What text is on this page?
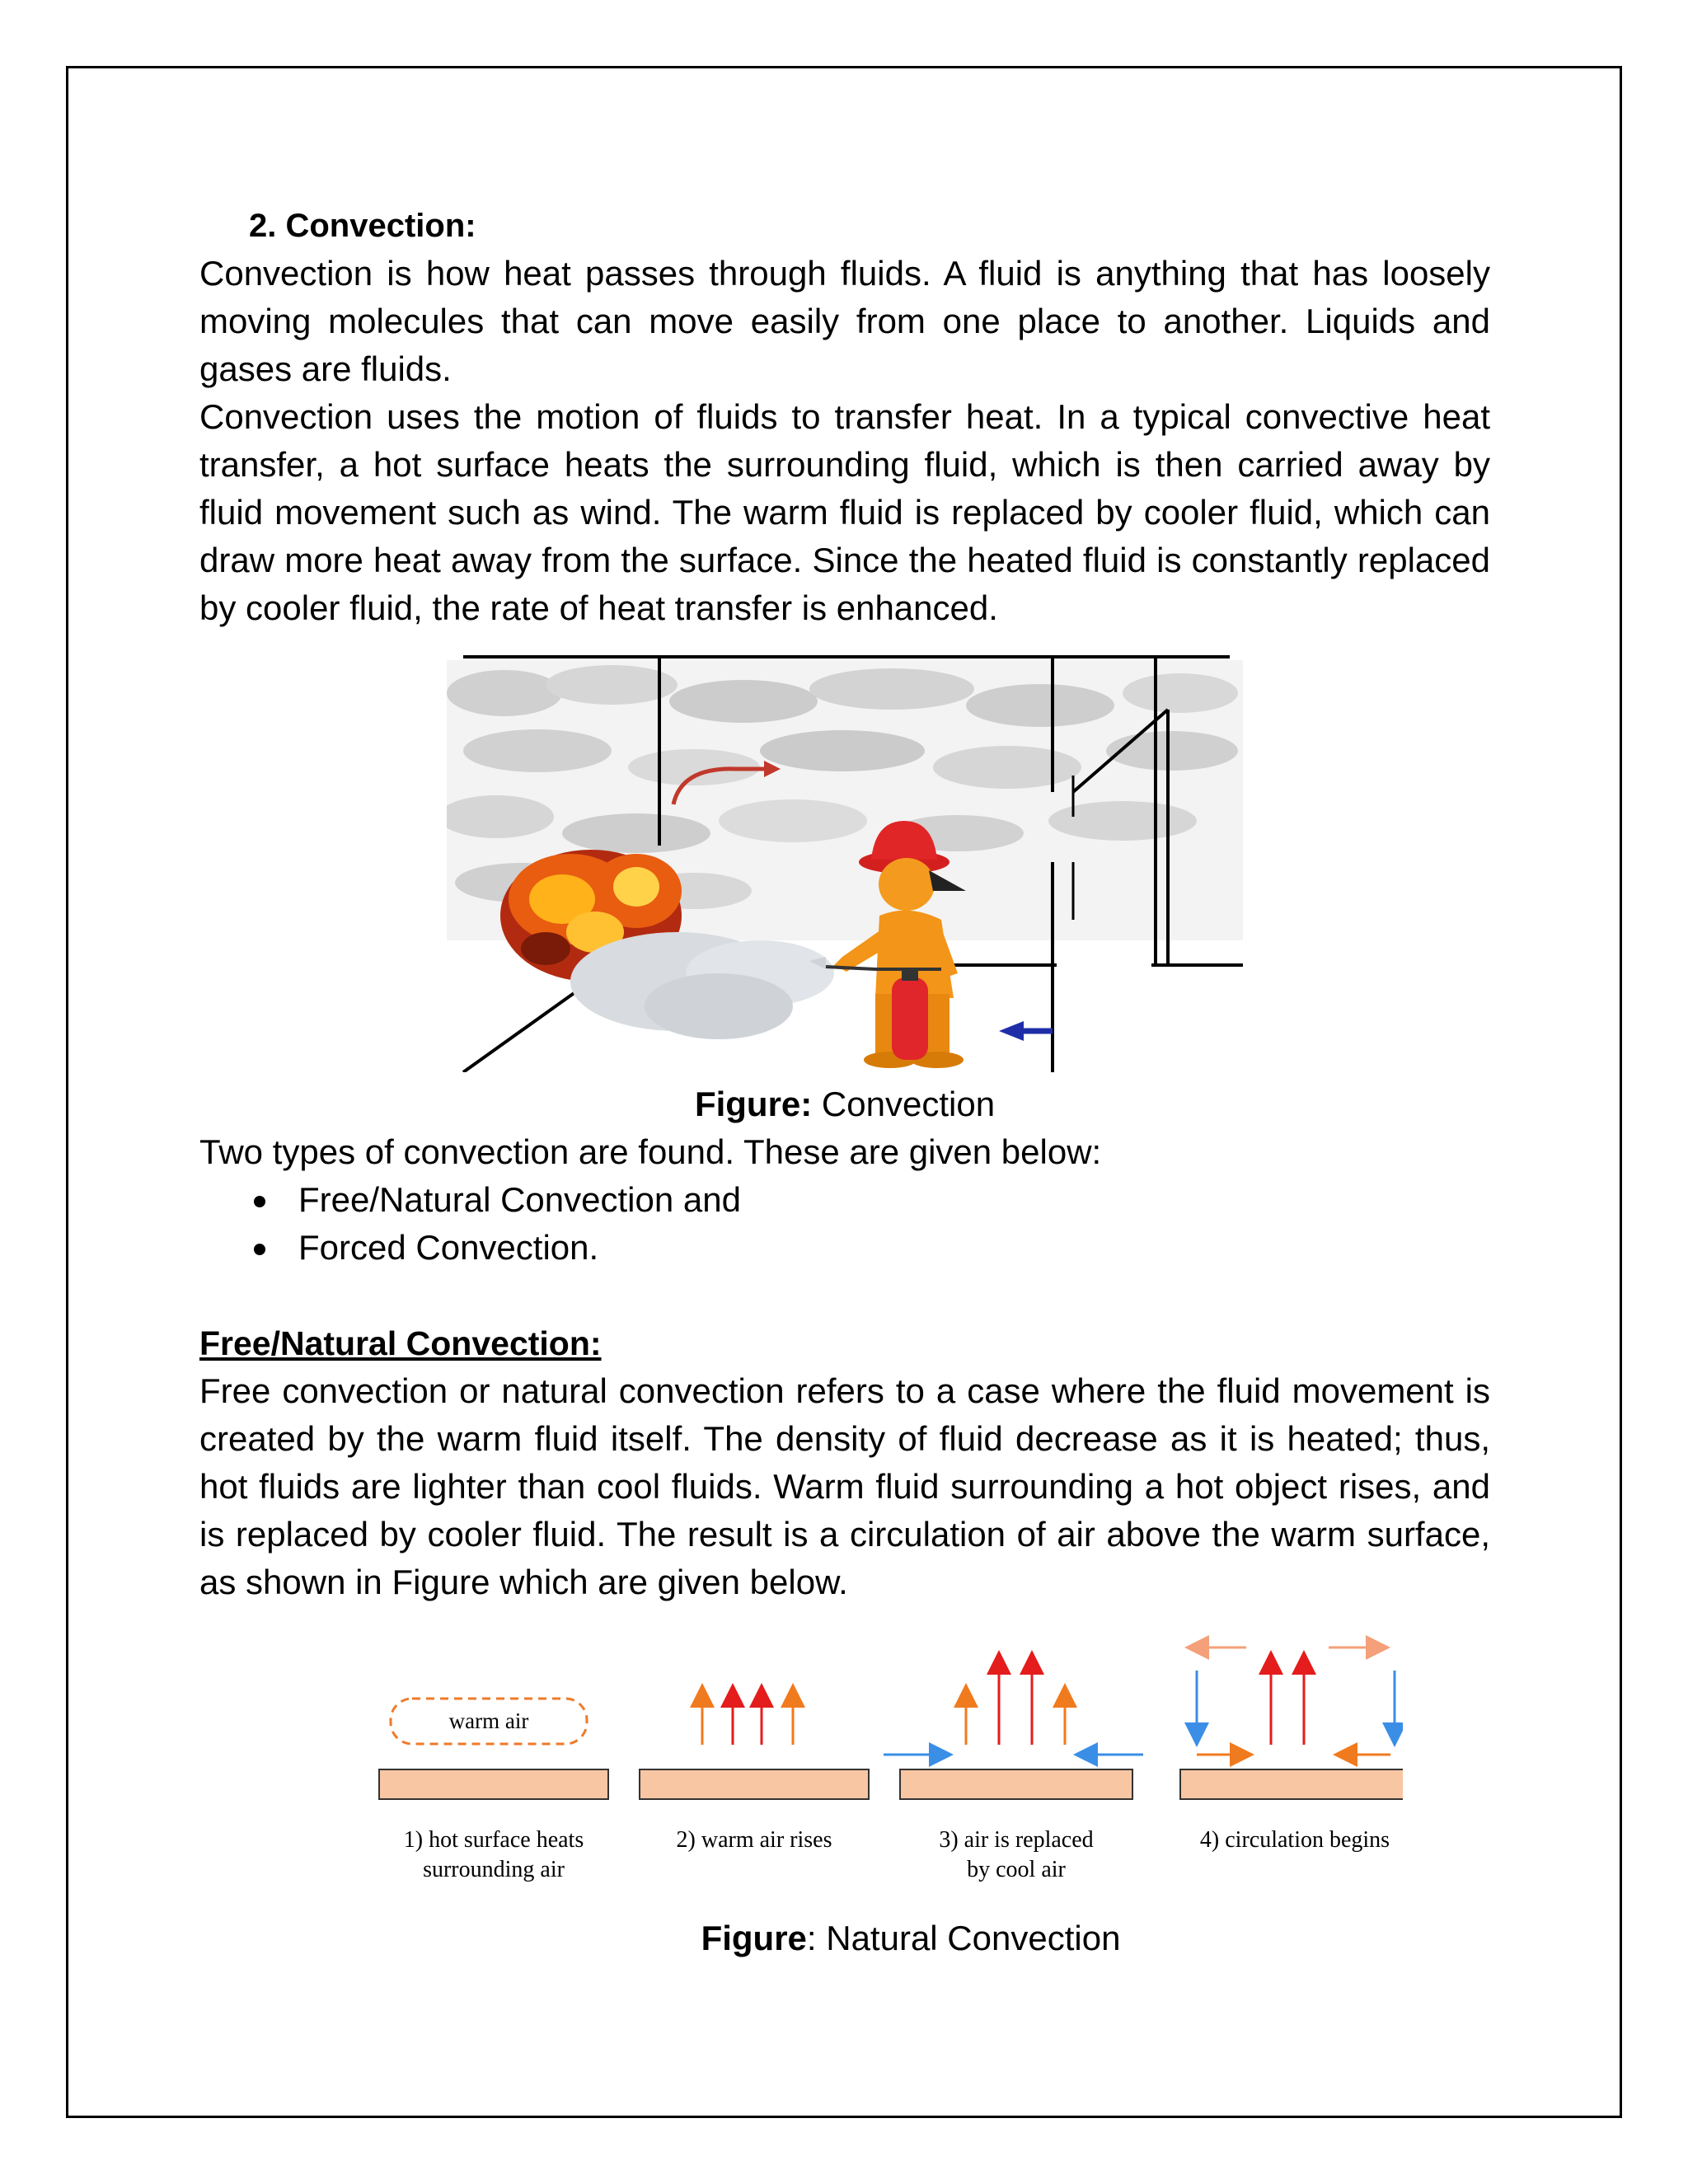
2. Convection:

Convection is how heat passes through fluids. A fluid is anything that has loosely moving molecules that can move easily from one place to another. Liquids and gases are fluids.

Convection uses the motion of fluids to transfer heat. In a typical convective heat transfer, a hot surface heats the surrounding fluid, which is then carried away by fluid movement such as wind. The warm fluid is replaced by cooler fluid, which can draw more heat away from the surface. Since the heated fluid is constantly replaced by cooler fluid, the rate of heat transfer is enhanced.

Figure: Convection

Two types of convection are found. These are given below:

Free/Natural Convection and
Forced Convection.

Free/Natural Convection:

Free convection or natural convection refers to a case where the fluid movement is created by the warm fluid itself. The density of fluid decrease as it is heated; thus, hot fluids are lighter than cool fluids. Warm fluid surrounding a hot object rises, and is replaced by cooler fluid. The result is a circulation of air above the warm surface, as shown in Figure which are given below.

warm air
1) hot surface heats
surrounding air
2) warm air rises	3) air is replaced
by cool air
4) circulation begins

Figure: Natural Convection
